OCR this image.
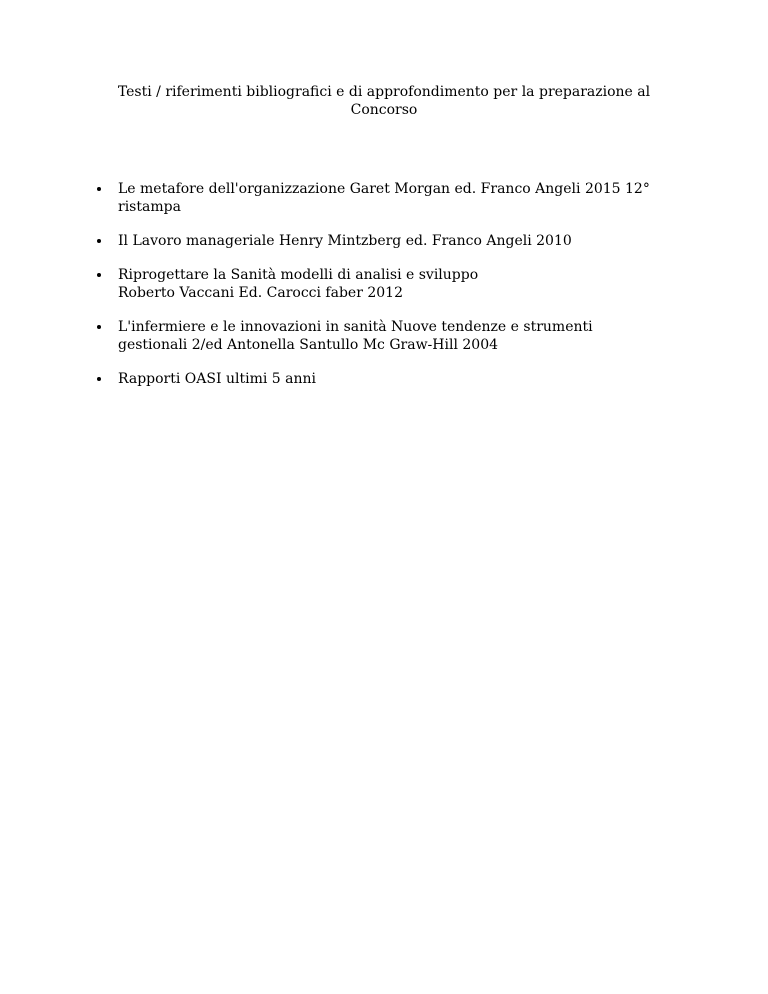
Testi / riferimenti bibliografici e di approfondimento per la preparazione al
Concorso
Le metafore dell'organizzazione Garet Morgan ed. Franco Angeli 2015 12°
ristampa
Il Lavoro manageriale Henry Mintzberg ed. Franco Angeli 2010
Riprogettare la Sanità modelli di analisi e sviluppo
Roberto Vaccani Ed. Carocci faber 2012
L'infermiere e le innovazioni in sanità Nuove tendenze e strumenti
gestionali 2/ed Antonella Santullo Mc Graw-Hill 2004
Rapporti OASI ultimi 5 anni
